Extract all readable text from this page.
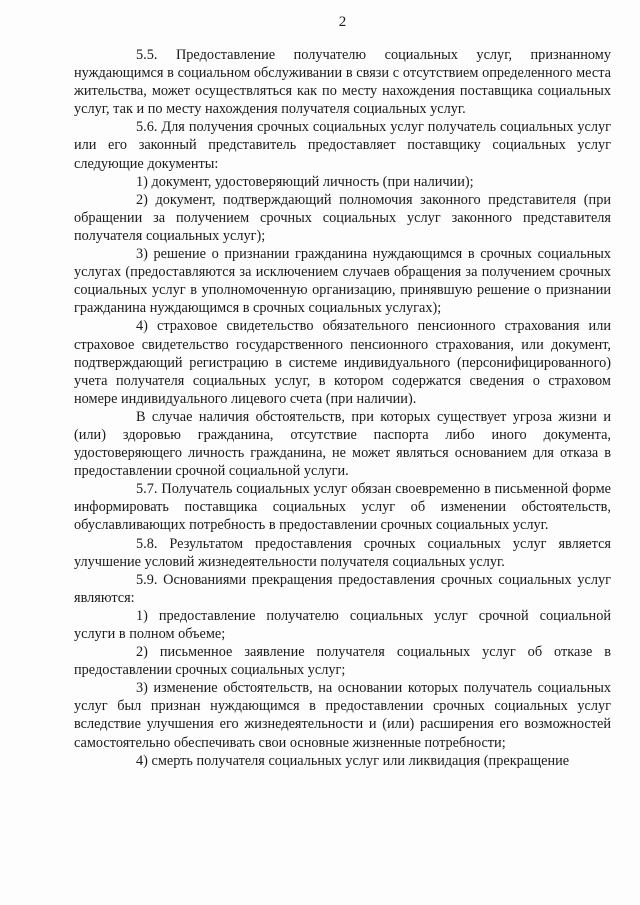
2

5.5. Предоставление получателю социальных услуг, признанному нуждающимся в социальном обслуживании в связи с отсутствием определенного места жительства, может осуществляться как по месту нахождения поставщика социальных услуг, так и по месту нахождения получателя социальных услуг.

5.6. Для получения срочных социальных услуг получатель социальных услуг или его законный представитель предоставляет поставщику социальных услуг следующие документы:

1) документ, удостоверяющий личность (при наличии);

2) документ, подтверждающий полномочия законного представителя (при обращении за получением срочных социальных услуг законного представителя получателя социальных услуг);

3) решение о признании гражданина нуждающимся в срочных социальных услугах (предоставляются за исключением случаев обращения за получением срочных социальных услуг в уполномоченную организацию, принявшую решение о признании гражданина нуждающимся в срочных социальных услугах);

4) страховое свидетельство обязательного пенсионного страхования или страховое свидетельство государственного пенсионного страхования, или документ, подтверждающий регистрацию в системе индивидуального (персонифицированного) учета получателя социальных услуг, в котором содержатся сведения о страховом номере индивидуального лицевого счета (при наличии).

В случае наличия обстоятельств, при которых существует угроза жизни и (или) здоровью гражданина, отсутствие паспорта либо иного документа, удостоверяющего личность гражданина, не может являться основанием для отказа в предоставлении срочной социальной услуги.

5.7. Получатель социальных услуг обязан своевременно в письменной форме информировать поставщика социальных услуг об изменении обстоятельств, обуславливающих потребность в предоставлении срочных социальных услуг.

5.8. Результатом предоставления срочных социальных услуг является улучшение условий жизнедеятельности получателя социальных услуг.

5.9. Основаниями прекращения предоставления срочных социальных услуг являются:

1) предоставление получателю социальных услуг срочной социальной услуги в полном объеме;

2) письменное заявление получателя социальных услуг об отказе в предоставлении срочных социальных услуг;

3) изменение обстоятельств, на основании которых получатель социальных услуг был признан нуждающимся в предоставлении срочных социальных услуг вследствие улучшения его жизнедеятельности и (или) расширения его возможностей самостоятельно обеспечивать свои основные жизненные потребности;

4) смерть получателя социальных услуг или ликвидация (прекращение
